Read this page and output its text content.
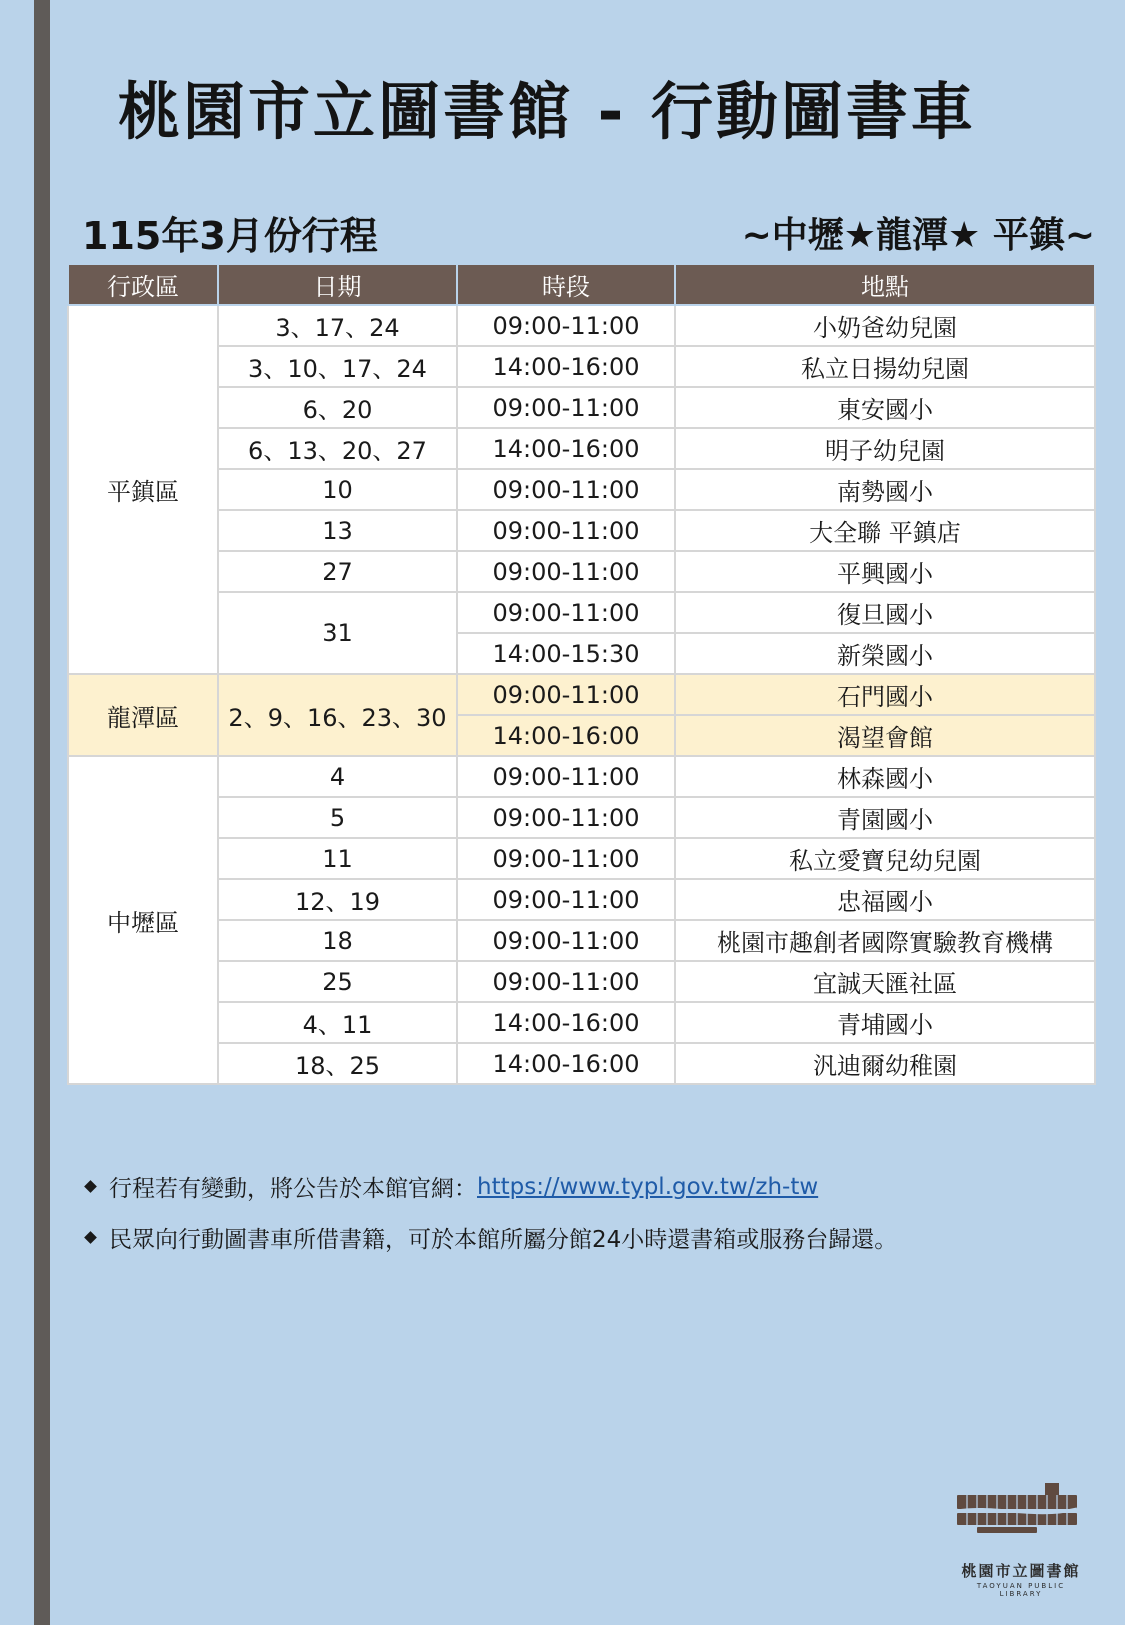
桃園市立圖書館 - 行動圖書車
115年3月份行程	~中壢★龍潭★ 平鎮~
行政區	日期	時段	地點
平鎮區	3、17、24	09:00-11:00	小奶爸幼兒園
	3、10、17、24	14:00-16:00	私立日揚幼兒園
	6、20	09:00-11:00	東安國小
	6、13、20、27	14:00-16:00	明子幼兒園
	10	09:00-11:00	南勢國小
	13	09:00-11:00	大全聯 平鎮店
	27	09:00-11:00	平興國小
	31	09:00-11:00	復旦國小
		14:00-15:30	新榮國小
龍潭區	2、9、16、23、30	09:00-11:00	石門國小
		14:00-16:00	渴望會館
中壢區	4	09:00-11:00	林森國小
	5	09:00-11:00	青園國小
	11	09:00-11:00	私立愛寶兒幼兒園
	12、19	09:00-11:00	忠福國小
	18	09:00-11:00	桃園市趣創者國際實驗教育機構
	25	09:00-11:00	宜誠天匯社區
	4、11	14:00-16:00	青埔國小
	18、25	14:00-16:00	汎迪爾幼稚園
行程若有變動，將公告於本館官網： https://www.typl.gov.tw/zh-tw
民眾向行動圖書車所借書籍，可於本館所屬分館24小時還書箱或服務台歸還。
桃園市立圖書館
TAOYUAN PUBLIC LIBRARY
